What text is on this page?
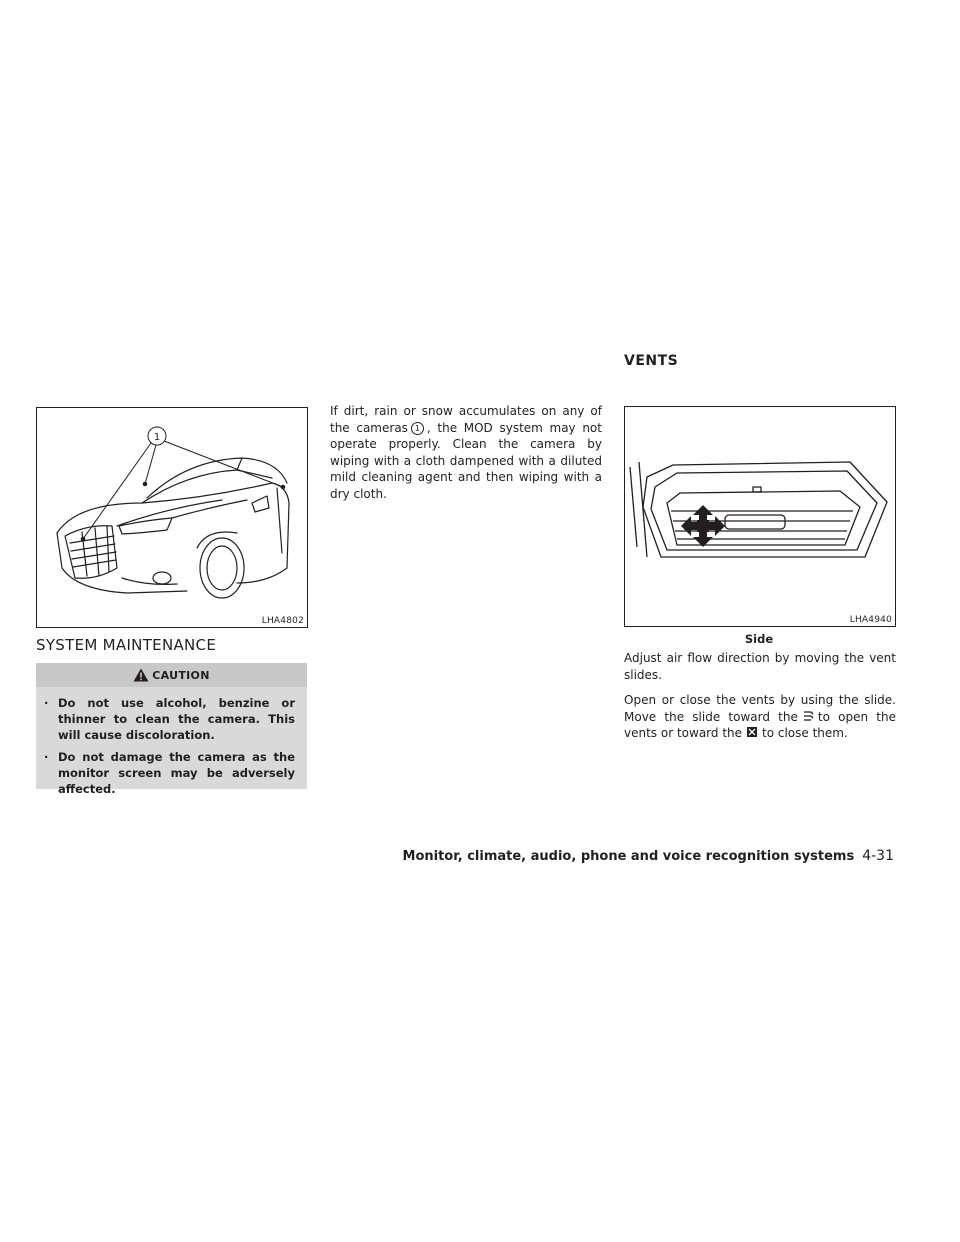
1
LHA4802
SYSTEM MAINTENANCE
CAUTION
· Do not use alcohol, benzine or thinner to clean the camera. This will cause discoloration.
· Do not damage the camera as the monitor screen may be adversely affected.

If dirt, rain or snow accumulates on any of the cameras 1 , the MOD system may not operate properly. Clean the camera by wiping with a cloth dampened with a diluted mild cleaning agent and then wiping with a dry cloth.

VENTS
LHA4940
Side

Adjust air flow direction by moving the vent slides.

Open or close the vents by using the slide. Move the slide toward the to open the vents or toward the to close them.

Monitor, climate, audio, phone and voice recognition systems 4-31
